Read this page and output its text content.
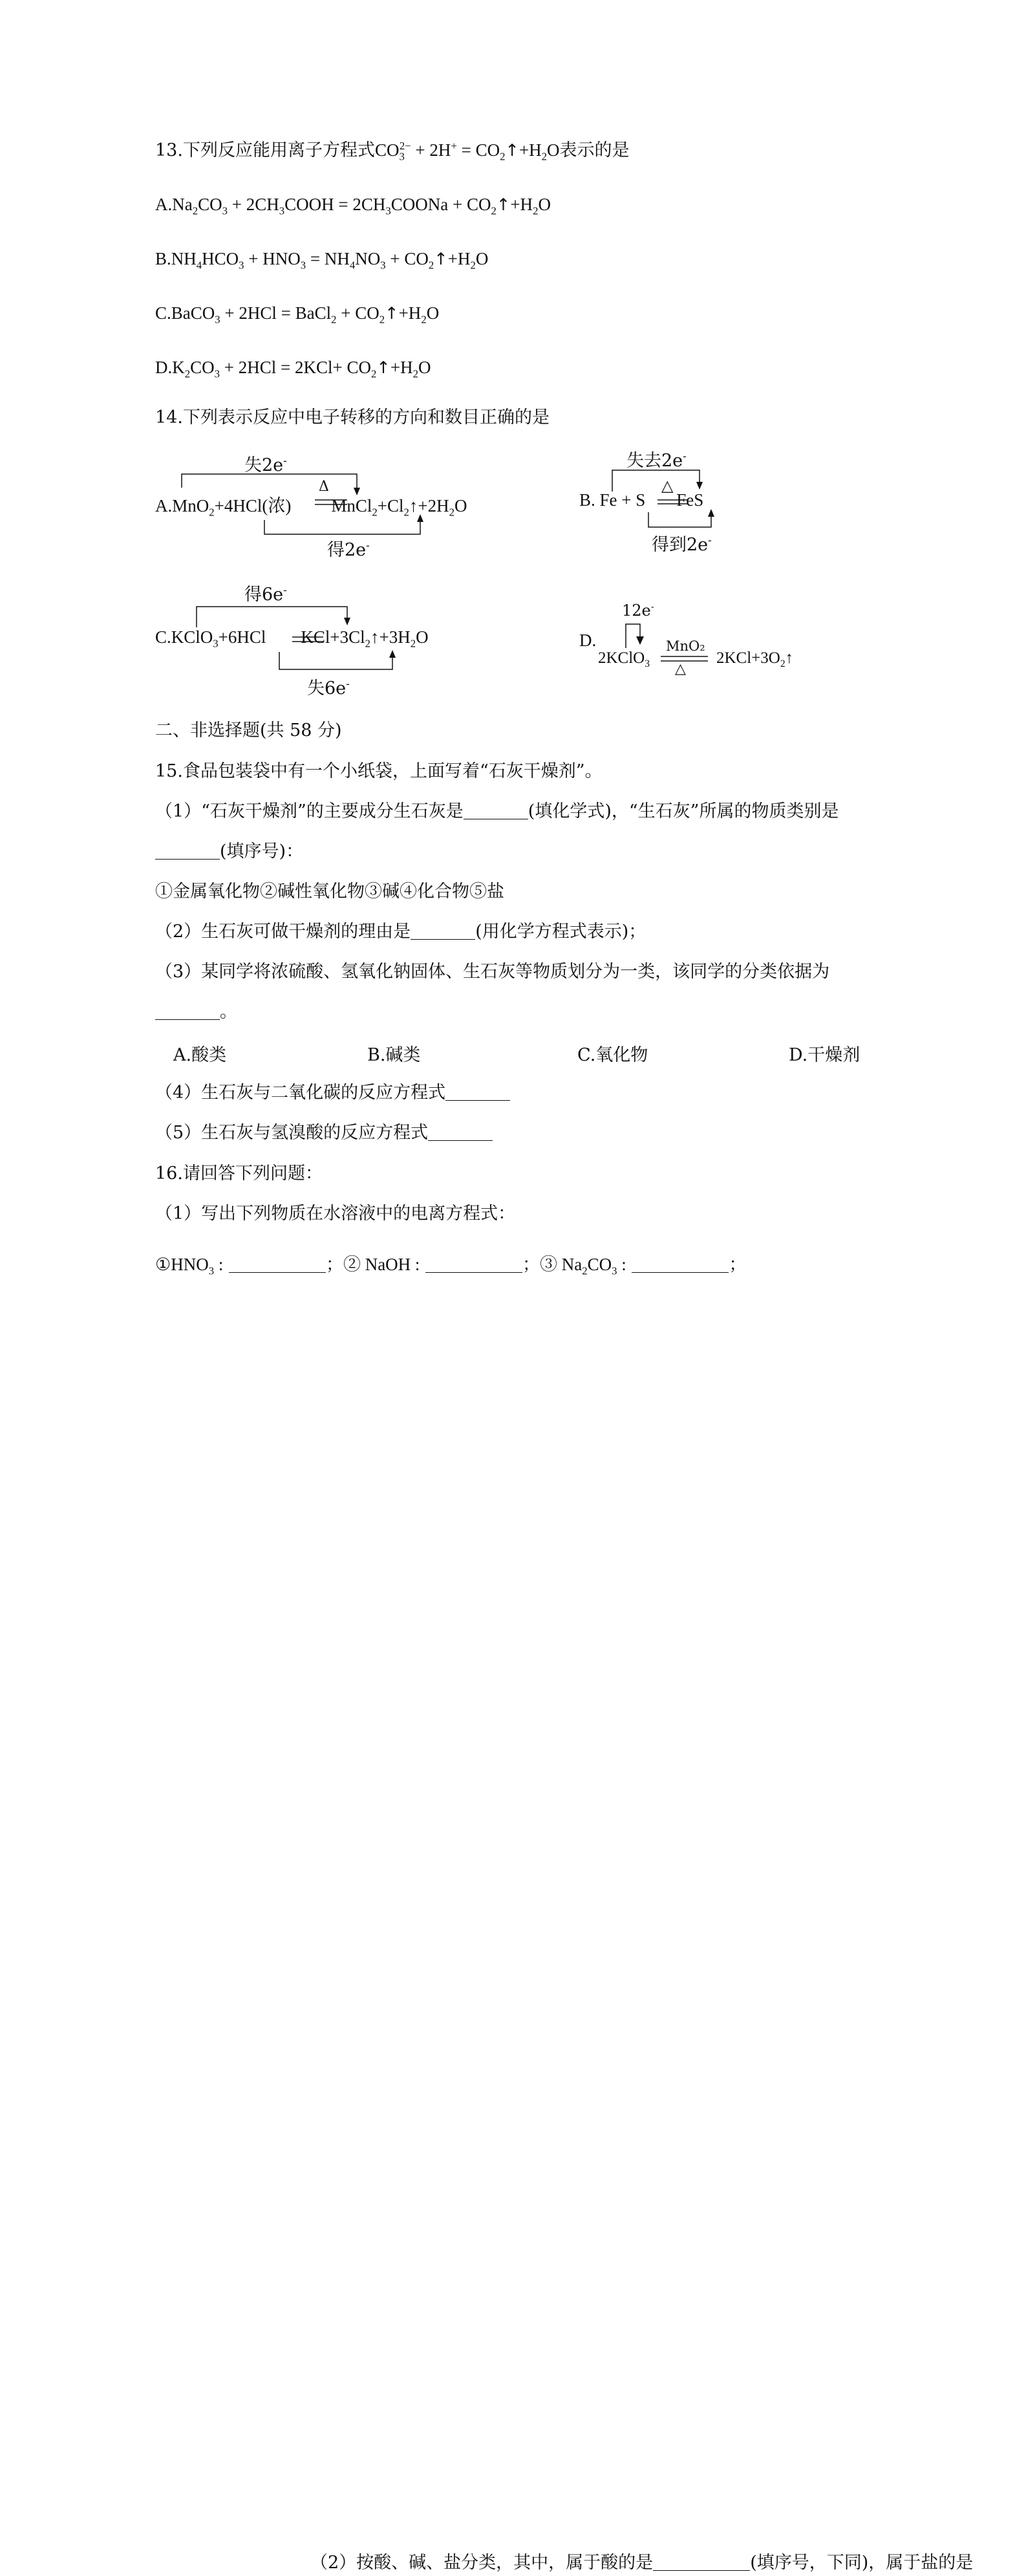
13.下列反应能用离子方程式$CO_3^{2-} + 2H^+$ = $CO_2↑+H_2O$表示的是
$A.Na_2CO_3$ + $2CH_3COOH$ = $2CH_3COONa$ + $CO_2↑+H_2O$
$B.NH_4HCO_3 + HNO_3 = NH_4NO_3$ + $CO_2↑+H_2O$
C.BaCO$_3$ + 2HCl = BaCl$_2$ + $CO_2↑+H_2O$
$D.K_2CO_3 + 2HCl = 2KCl+$ $CO_2↑+H_2O$
14.下列表示反应中电子转移的方向和数目正确的是
失2e-
Δ
A.MnO$_2$+4HCl(浓) $MnCl_2+Cl_2↑+2H_2O$
得2e-
失去2e-
△
B. Fe + S FeS
得到2e-
得6e-
C.KClO$_3$+6HCl $KCl+3Cl_2↑+3H_2O$
失6e-
12e-
D.
2KClO$_3$
MnO₂
△
$2KCl+3O_2↑$
二、非选择题(共 58 分)
15.食品包装袋中有一个小纸袋，上面写着“石灰干燥剂”。
（1）“石灰干燥剂”的主要成分生石灰是	(填化学式)，“生石灰”所属的物质类别是
(填序号)：
①金属氧化物②碱性氧化物③碱④化合物⑤盐
（2）生石灰可做干燥剂的理由是	(用化学方程式表示)；
（3）某同学将浓硫酸、氢氧化钠固体、生石灰等物质划分为一类，该同学的分类依据为
。
A.酸类	B.碱类	C.氧化物	D.干燥剂
（4）生石灰与二氧化碳的反应方程式
（5）生石灰与氢溴酸的反应方程式
16.请回答下列问题：
（1）写出下列物质在水溶液中的电离方程式：
$①HNO_3$ :	；② NaOH :	；③ $Na_2CO_3$ :	；
（2）按酸、碱、盐分类，其中，属于酸的是	(填序号，下同)，属于盐的是
